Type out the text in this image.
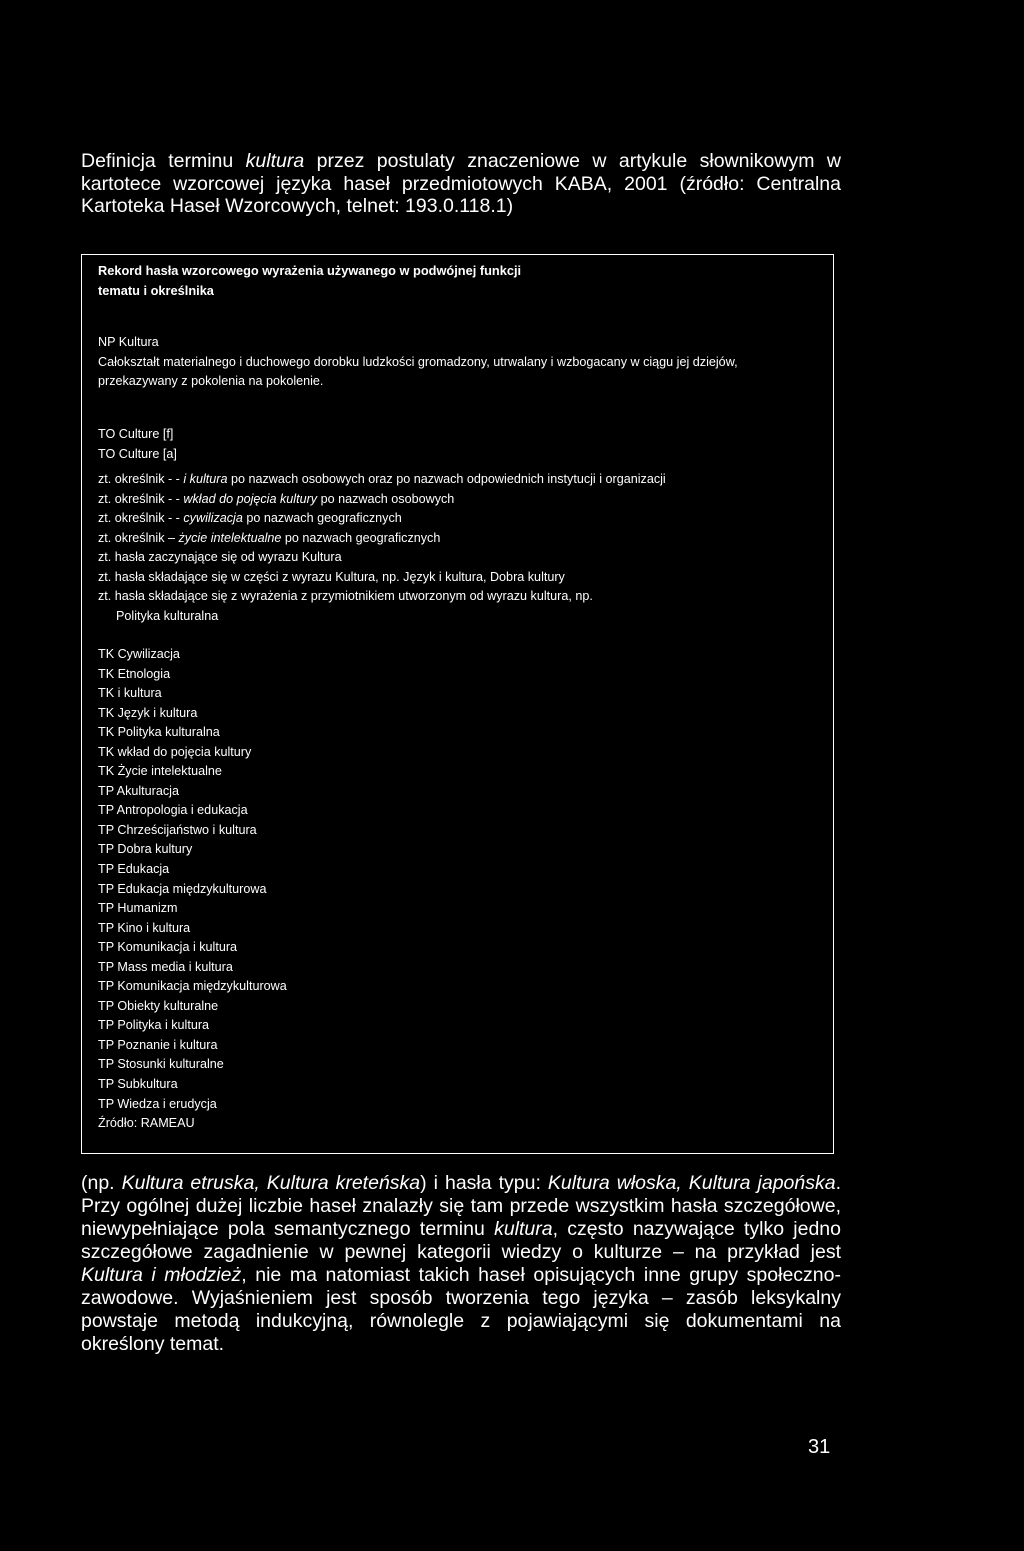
Definicja terminu kultura przez postulaty znaczeniowe w artykule słownikowym w kartotece wzorcowej języka haseł przedmiotowych KABA, 2001 (źródło: Centralna Kartoteka Haseł Wzorcowych, telnet: 193.0.118.1)

Rekord hasła wzorcowego wyrażenia używanego w podwójnej funkcji
tematu i określnika
NP Kultura
Całokształt materialnego i duchowego dorobku ludzkości gromadzony, utrwalany i wzbogacany w ciągu jej dziejów, przekazywany z pokolenia na pokolenie.
TO Culture [f]
TO Culture [a]
zt. określnik - - i kultura po nazwach osobowych oraz po nazwach odpowiednich instytucji i organizacji
zt. określnik - - wkład do pojęcia kultury po nazwach osobowych
zt. określnik - - cywilizacja po nazwach geograficznych
zt. określnik – życie intelektualne po nazwach geograficznych
zt. hasła zaczynające się od wyrazu Kultura
zt. hasła składające się w części z wyrazu Kultura, np. Język i kultura, Dobra kultury
zt. hasła składające się z wyrażenia z przymiotnikiem utworzonym od wyrazu kultura, np.
Polityka kulturalna
TK Cywilizacja
TK Etnologia
TK i kultura
TK Język i kultura
TK Polityka kulturalna
TK wkład do pojęcia kultury
TK Życie intelektualne
TP Akulturacja
TP Antropologia i edukacja
TP Chrześcijaństwo i kultura
TP Dobra kultury
TP Edukacja
TP Edukacja międzykulturowa
TP Humanizm
TP Kino i kultura
TP Komunikacja i kultura
TP Mass media i kultura
TP Komunikacja międzykulturowa
TP Obiekty kulturalne
TP Polityka i kultura
TP Poznanie i kultura
TP Stosunki kulturalne
TP Subkultura
TP Wiedza i erudycja
Źródło: RAMEAU

(np. Kultura etruska, Kultura kreteńska) i hasła typu: Kultura włoska, Kultura japońska. Przy ogólnej dużej liczbie haseł znalazły się tam przede wszystkim hasła szczegółowe, niewypełniające pola semantycznego terminu kultura, często nazywające tylko jedno szczegółowe zagadnienie w pewnej kategorii wiedzy o kulturze – na przykład jest Kultura i młodzież, nie ma natomiast takich haseł opisujących inne grupy społeczno-zawodowe. Wyjaśnieniem jest sposób tworzenia tego języka – zasób leksykalny powstaje metodą indukcyjną, równolegle z pojawiającymi się dokumentami na określony temat.

31
